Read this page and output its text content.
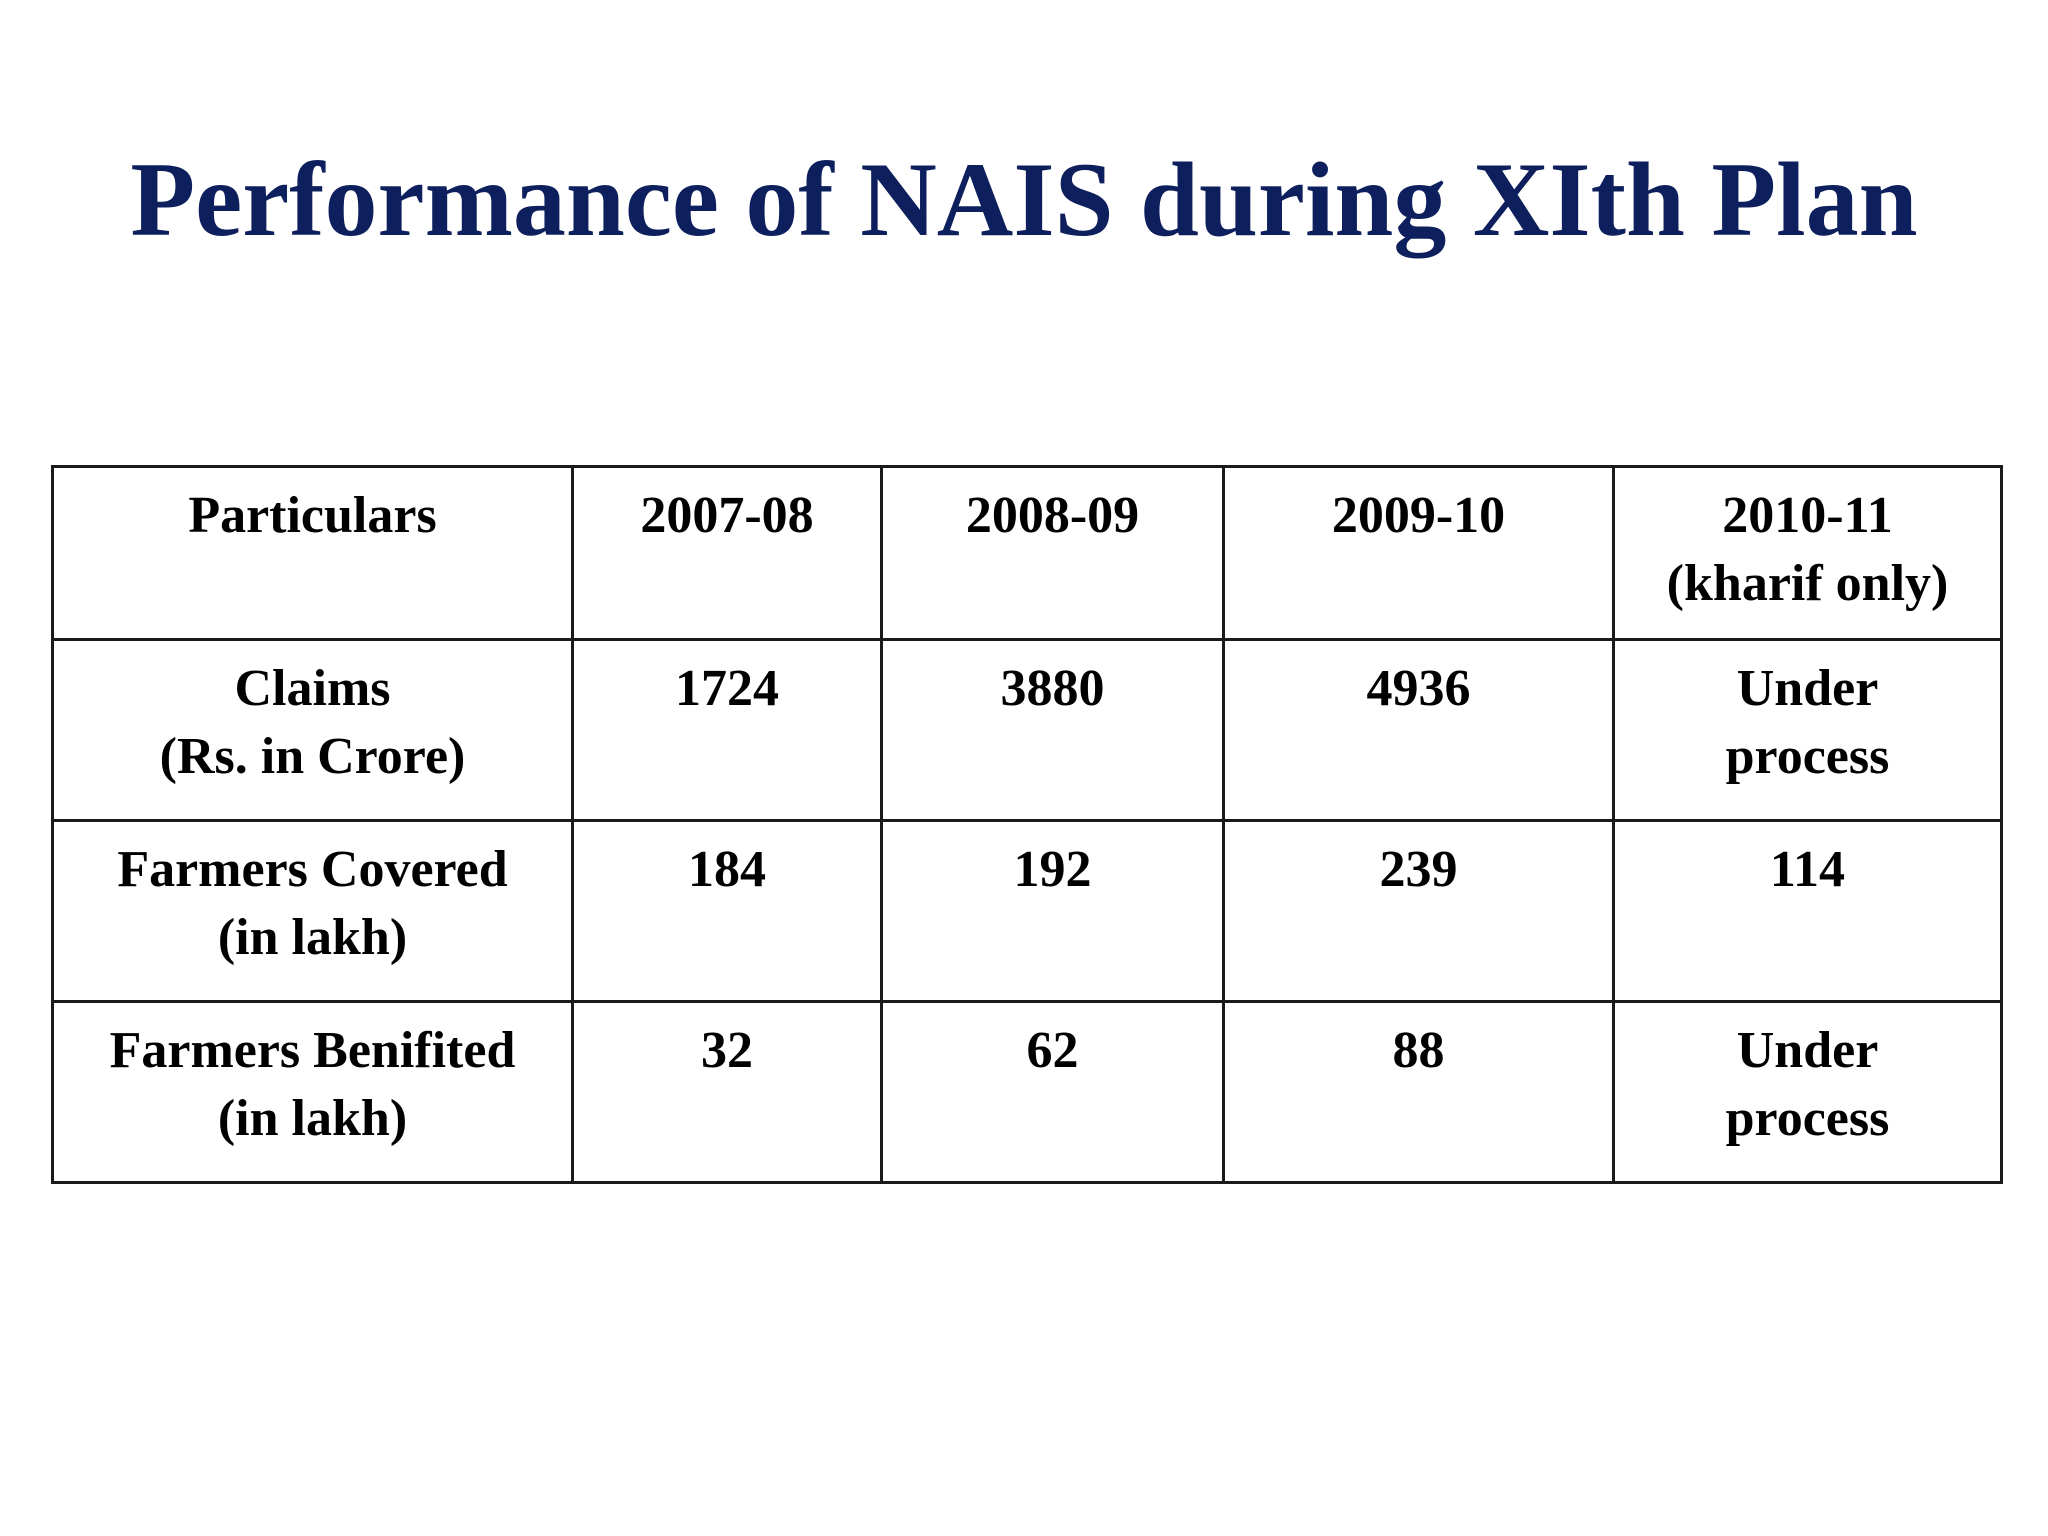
Performance of NAIS during XIth Plan
Particulars	2007-08	2008-09	2009-10	2010-11
(kharif only)

Claims
(Rs. in Crore)	1724	3880	4936	Under
process

Farmers Covered
(in lakh)	184	192	239	114

Farmers Benifited
(in lakh)	32	62	88	Under
process
